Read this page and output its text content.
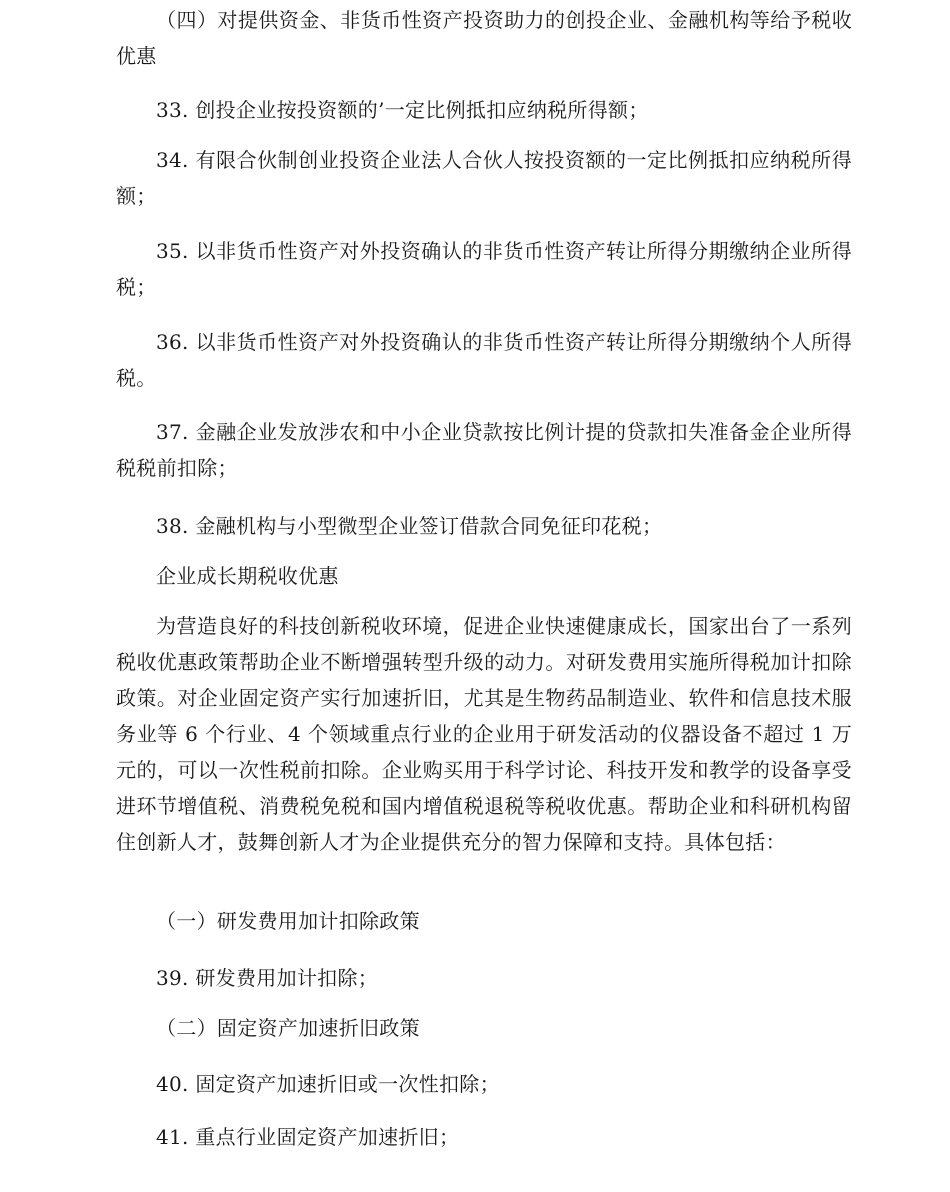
（四）对提供资金、非货币性资产投资助力的创投企业、金融机构等给予税收优惠

33. 创投企业按投资额的’一定比例抵扣应纳税所得额；

34. 有限合伙制创业投资企业法人合伙人按投资额的一定比例抵扣应纳税所得额；

35. 以非货币性资产对外投资确认的非货币性资产转让所得分期缴纳企业所得税；

36. 以非货币性资产对外投资确认的非货币性资产转让所得分期缴纳个人所得税。

37. 金融企业发放涉农和中小企业贷款按比例计提的贷款扣失准备金企业所得税税前扣除；

38. 金融机构与小型微型企业签订借款合同免征印花税；

企业成长期税收优惠

为营造良好的科技创新税收环境，促进企业快速健康成长，国家出台了一系列税收优惠政策帮助企业不断增强转型升级的动力。对研发费用实施所得税加计扣除政策。对企业固定资产实行加速折旧，尤其是生物药品制造业、软件和信息技术服务业等 6 个行业、4 个领域重点行业的企业用于研发活动的仪器设备不超过 1 万元的，可以一次性税前扣除。企业购买用于科学讨论、科技开发和教学的设备享受进环节增值税、消费税免税和国内增值税退税等税收优惠。帮助企业和科研机构留住创新人才，鼓舞创新人才为企业提供充分的智力保障和支持。具体包括：

（一）研发费用加计扣除政策

39. 研发费用加计扣除；

（二）固定资产加速折旧政策

40. 固定资产加速折旧或一次性扣除；

41. 重点行业固定资产加速折旧；
